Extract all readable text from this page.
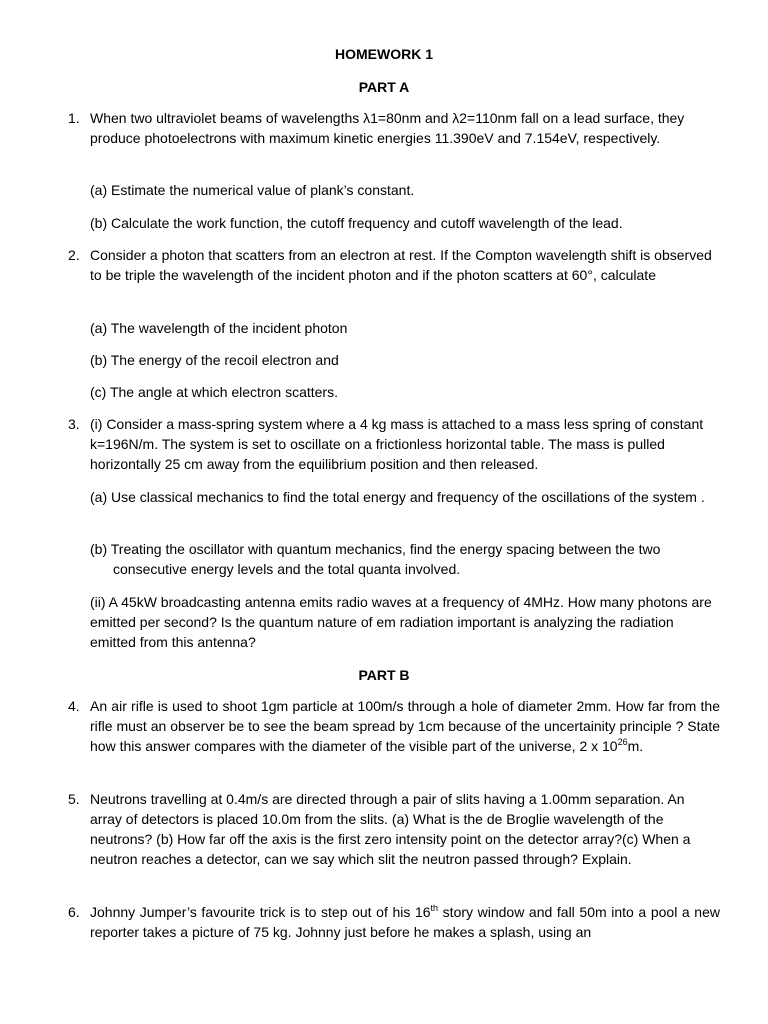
HOMEWORK 1
PART A
1. When two ultraviolet beams of wavelengths λ1=80nm and λ2=110nm fall on a lead surface, they produce photoelectrons with maximum kinetic energies 11.390eV and 7.154eV, respectively.

(a) Estimate the numerical value of plank’s constant.

(b) Calculate the work function, the cutoff frequency and cutoff wavelength of the lead.

2. Consider a photon that scatters from an electron at rest. If the Compton wavelength shift is observed to be triple the wavelength of the incident photon and if the photon scatters at 60°, calculate

(a) The wavelength of the incident photon

(b) The energy of the recoil electron and

(c) The angle at which electron scatters.

3. (i) Consider a mass-spring system where a 4 kg mass is attached to a mass less spring of constant k=196N/m. The system is set to oscillate on a frictionless horizontal table. The mass is pulled horizontally 25 cm away from the equilibrium position and then released.

(a) Use classical mechanics to find the total energy and frequency of the oscillations of the system .

(b) Treating the oscillator with quantum mechanics, find the energy spacing between the two consecutive energy levels and the total quanta involved.

(ii) A 45kW broadcasting antenna emits radio waves at a frequency of 4MHz. How many photons are emitted per second? Is the quantum nature of em radiation important is analyzing the radiation emitted from this antenna?

PART B
4. An air rifle is used to shoot 1gm particle at 100m/s through a hole of diameter 2mm. How far from the rifle must an observer be to see the beam spread by 1cm because of the uncertainity principle ? State how this answer compares with the diameter of the visible part of the universe, 2 x $10^{26}m$.

5. Neutrons travelling at 0.4m/s are directed through a pair of slits having a 1.00mm separation. An array of detectors is placed 10.0m from the slits. (a) What is the de Broglie wavelength of the neutrons? (b) How far off the axis is the first zero intensity point on the detector array?(c) When a neutron reaches a detector, can we say which slit the neutron passed through? Explain.

6. Johnny Jumper’s favourite trick is to step out of his 16th story window and fall 50m into a pool a new reporter takes a picture of 75 kg. Johnny just before he makes a splash, using an
